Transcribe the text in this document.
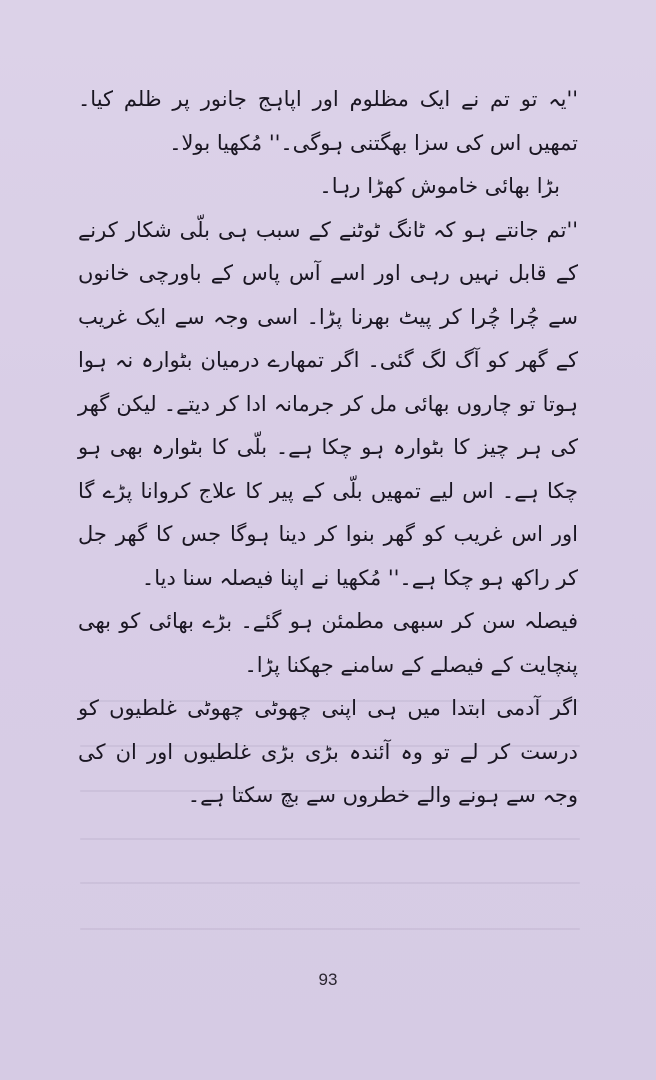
''یہ تو تم نے ایک مظلوم اور اپاہج جانور پر ظلم کیا۔ تمھیں اس کی سزا بھگتنی ہوگی۔'' مُکھیا بولا۔

بڑا بھائی خاموش کھڑا رہا۔

''تم جانتے ہو کہ ٹانگ ٹوٹنے کے سبب ہی بلّی شکار کرنے کے قابل نہیں رہی اور اسے آس پاس کے باورچی خانوں سے چُرا چُرا کر پیٹ بھرنا پڑا۔ اسی وجہ سے ایک غریب کے گھر کو آگ لگ گئی۔ اگر تمھارے درمیان بٹوارہ نہ ہوا ہوتا تو چاروں بھائی مل کر جرمانہ ادا کر دیتے۔ لیکن گھر کی ہر چیز کا بٹوارہ ہو چکا ہے۔ بلّی کا بٹوارہ بھی ہو چکا ہے۔ اس لیے تمھیں بلّی کے پیر کا علاج کروانا پڑے گا اور اس غریب کو گھر بنوا کر دینا ہوگا جس کا گھر جل کر راکھ ہو چکا ہے۔'' مُکھیا نے اپنا فیصلہ سنا دیا۔

فیصلہ سن کر سبھی مطمئن ہو گئے۔ بڑے بھائی کو بھی پنچایت کے فیصلے کے سامنے جھکنا پڑا۔

اگر آدمی ابتدا میں ہی اپنی چھوٹی چھوٹی غلطیوں کو درست کر لے تو وہ آئندہ بڑی بڑی غلطیوں اور ان کی وجہ سے ہونے والے خطروں سے بچ سکتا ہے۔

93
